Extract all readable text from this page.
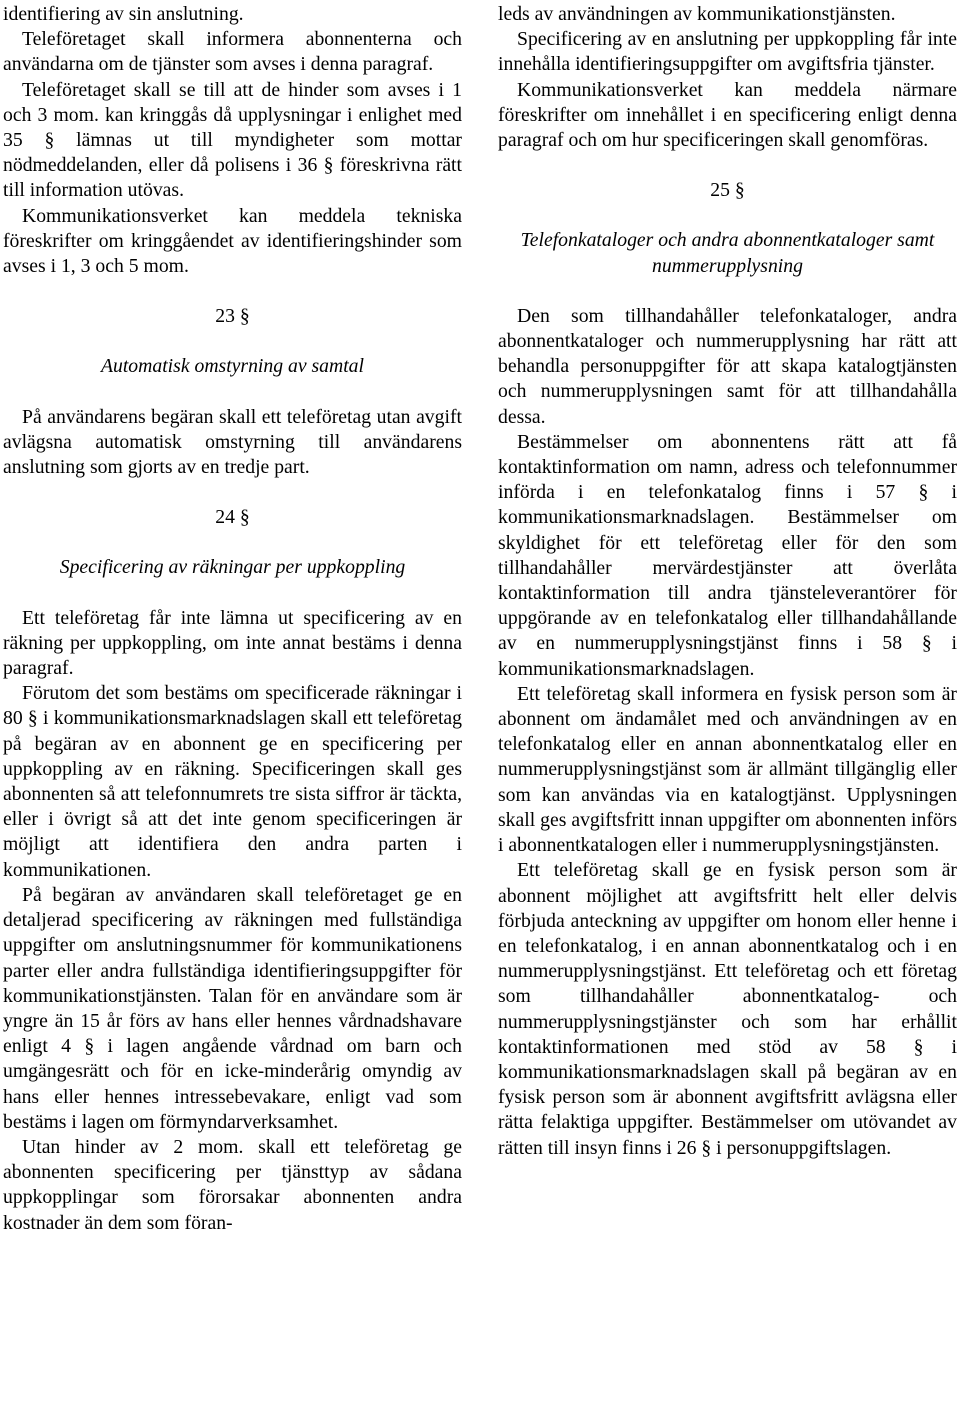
identifiering av sin anslutning.

Teleföretaget skall informera abonnenterna och användarna om de tjänster som avses i denna paragraf.

Teleföretaget skall se till att de hinder som avses i 1 och 3 mom. kan kringgås då upplysningar i enlighet med 35 § lämnas ut till myndigheter som mottar nödmeddelanden, eller då polisens i 36 § föreskrivna rätt till information utövas.

Kommunikationsverket kan meddela tekniska föreskrifter om kringgåendet av identifieringshinder som avses i 1, 3 och 5 mom.

23 §

Automatisk omstyrning av samtal

På användarens begäran skall ett teleföretag utan avgift avlägsna automatisk omstyrning till användarens anslutning som gjorts av en tredje part.

24 §

Specificering av räkningar per uppkoppling

Ett teleföretag får inte lämna ut specificering av en räkning per uppkoppling, om inte annat bestäms i denna paragraf.

Förutom det som bestäms om specificerade räkningar i 80 § i kommunikationsmarknadslagen skall ett teleföretag på begäran av en abonnent ge en specificering per uppkoppling av en räkning. Specificeringen skall ges abonnenten så att telefonnumrets tre sista siffror är täckta, eller i övrigt så att det inte genom specificeringen är möjligt att identifiera den andra parten i kommunikationen.

På begäran av användaren skall teleföretaget ge en detaljerad specificering av räkningen med fullständiga uppgifter om anslutningsnummer för kommunikationens parter eller andra fullständiga identifieringsuppgifter för kommunikationstjänsten. Talan för en användare som är yngre än 15 år förs av hans eller hennes vårdnadshavare enligt 4 § i lagen angående vårdnad om barn och umgängesrätt och för en icke-minderårig omyndig av hans eller hennes intressebevakare, enligt vad som bestäms i lagen om förmyndarverksamhet.

Utan hinder av 2 mom. skall ett teleföretag ge abonnenten specificering per tjänsttyp av sådana uppkopplingar som förorsakar abonnenten andra kostnader än dem som föran-

leds av användningen av kommunikationstjänsten.

Specificering av en anslutning per uppkoppling får inte innehålla identifieringsuppgifter om avgiftsfria tjänster.

Kommunikationsverket kan meddela närmare föreskrifter om innehållet i en specificering enligt denna paragraf och om hur specificeringen skall genomföras.

25 §

Telefonkataloger och andra abonnentkataloger samt nummerupplysning

Den som tillhandahåller telefonkataloger, andra abonnentkataloger och nummerupplysning har rätt att behandla personuppgifter för att skapa katalogtjänsten och nummerupplysningen samt för att tillhandahålla dessa.

Bestämmelser om abonnentens rätt att få kontaktinformation om namn, adress och telefonnummer införda i en telefonkatalog finns i 57 § i kommunikationsmarknadslagen. Bestämmelser om skyldighet för ett teleföretag eller för den som tillhandahåller mervärdestjänster att överlåta kontaktinformation till andra tjänsteleverantörer för uppgörande av en telefonkatalog eller tillhandahållande av en nummerupplysningstjänst finns i 58 § i kommunikationsmarknadslagen.

Ett teleföretag skall informera en fysisk person som är abonnent om ändamålet med och användningen av en telefonkatalog eller en annan abonnentkatalog eller en nummerupplysningstjänst som är allmänt tillgänglig eller som kan användas via en katalogtjänst. Upplysningen skall ges avgiftsfritt innan uppgifter om abonnenten införs i abonnentkatalogen eller i nummerupplysningstjänsten.

Ett teleföretag skall ge en fysisk person som är abonnent möjlighet att avgiftsfritt helt eller delvis förbjuda anteckning av uppgifter om honom eller henne i en telefonkatalog, i en annan abonnentkatalog och i en nummerupplysningstjänst. Ett teleföretag och ett företag som tillhandahåller abonnentkatalog- och nummerupplysningstjänster och som har erhållit kontaktinformationen med stöd av 58 § i kommunikationsmarknadslagen skall på begäran av en fysisk person som är abonnent avgiftsfritt avlägsna eller rätta felaktiga uppgifter. Bestämmelser om utövandet av rätten till insyn finns i 26 § i personuppgiftslagen.
